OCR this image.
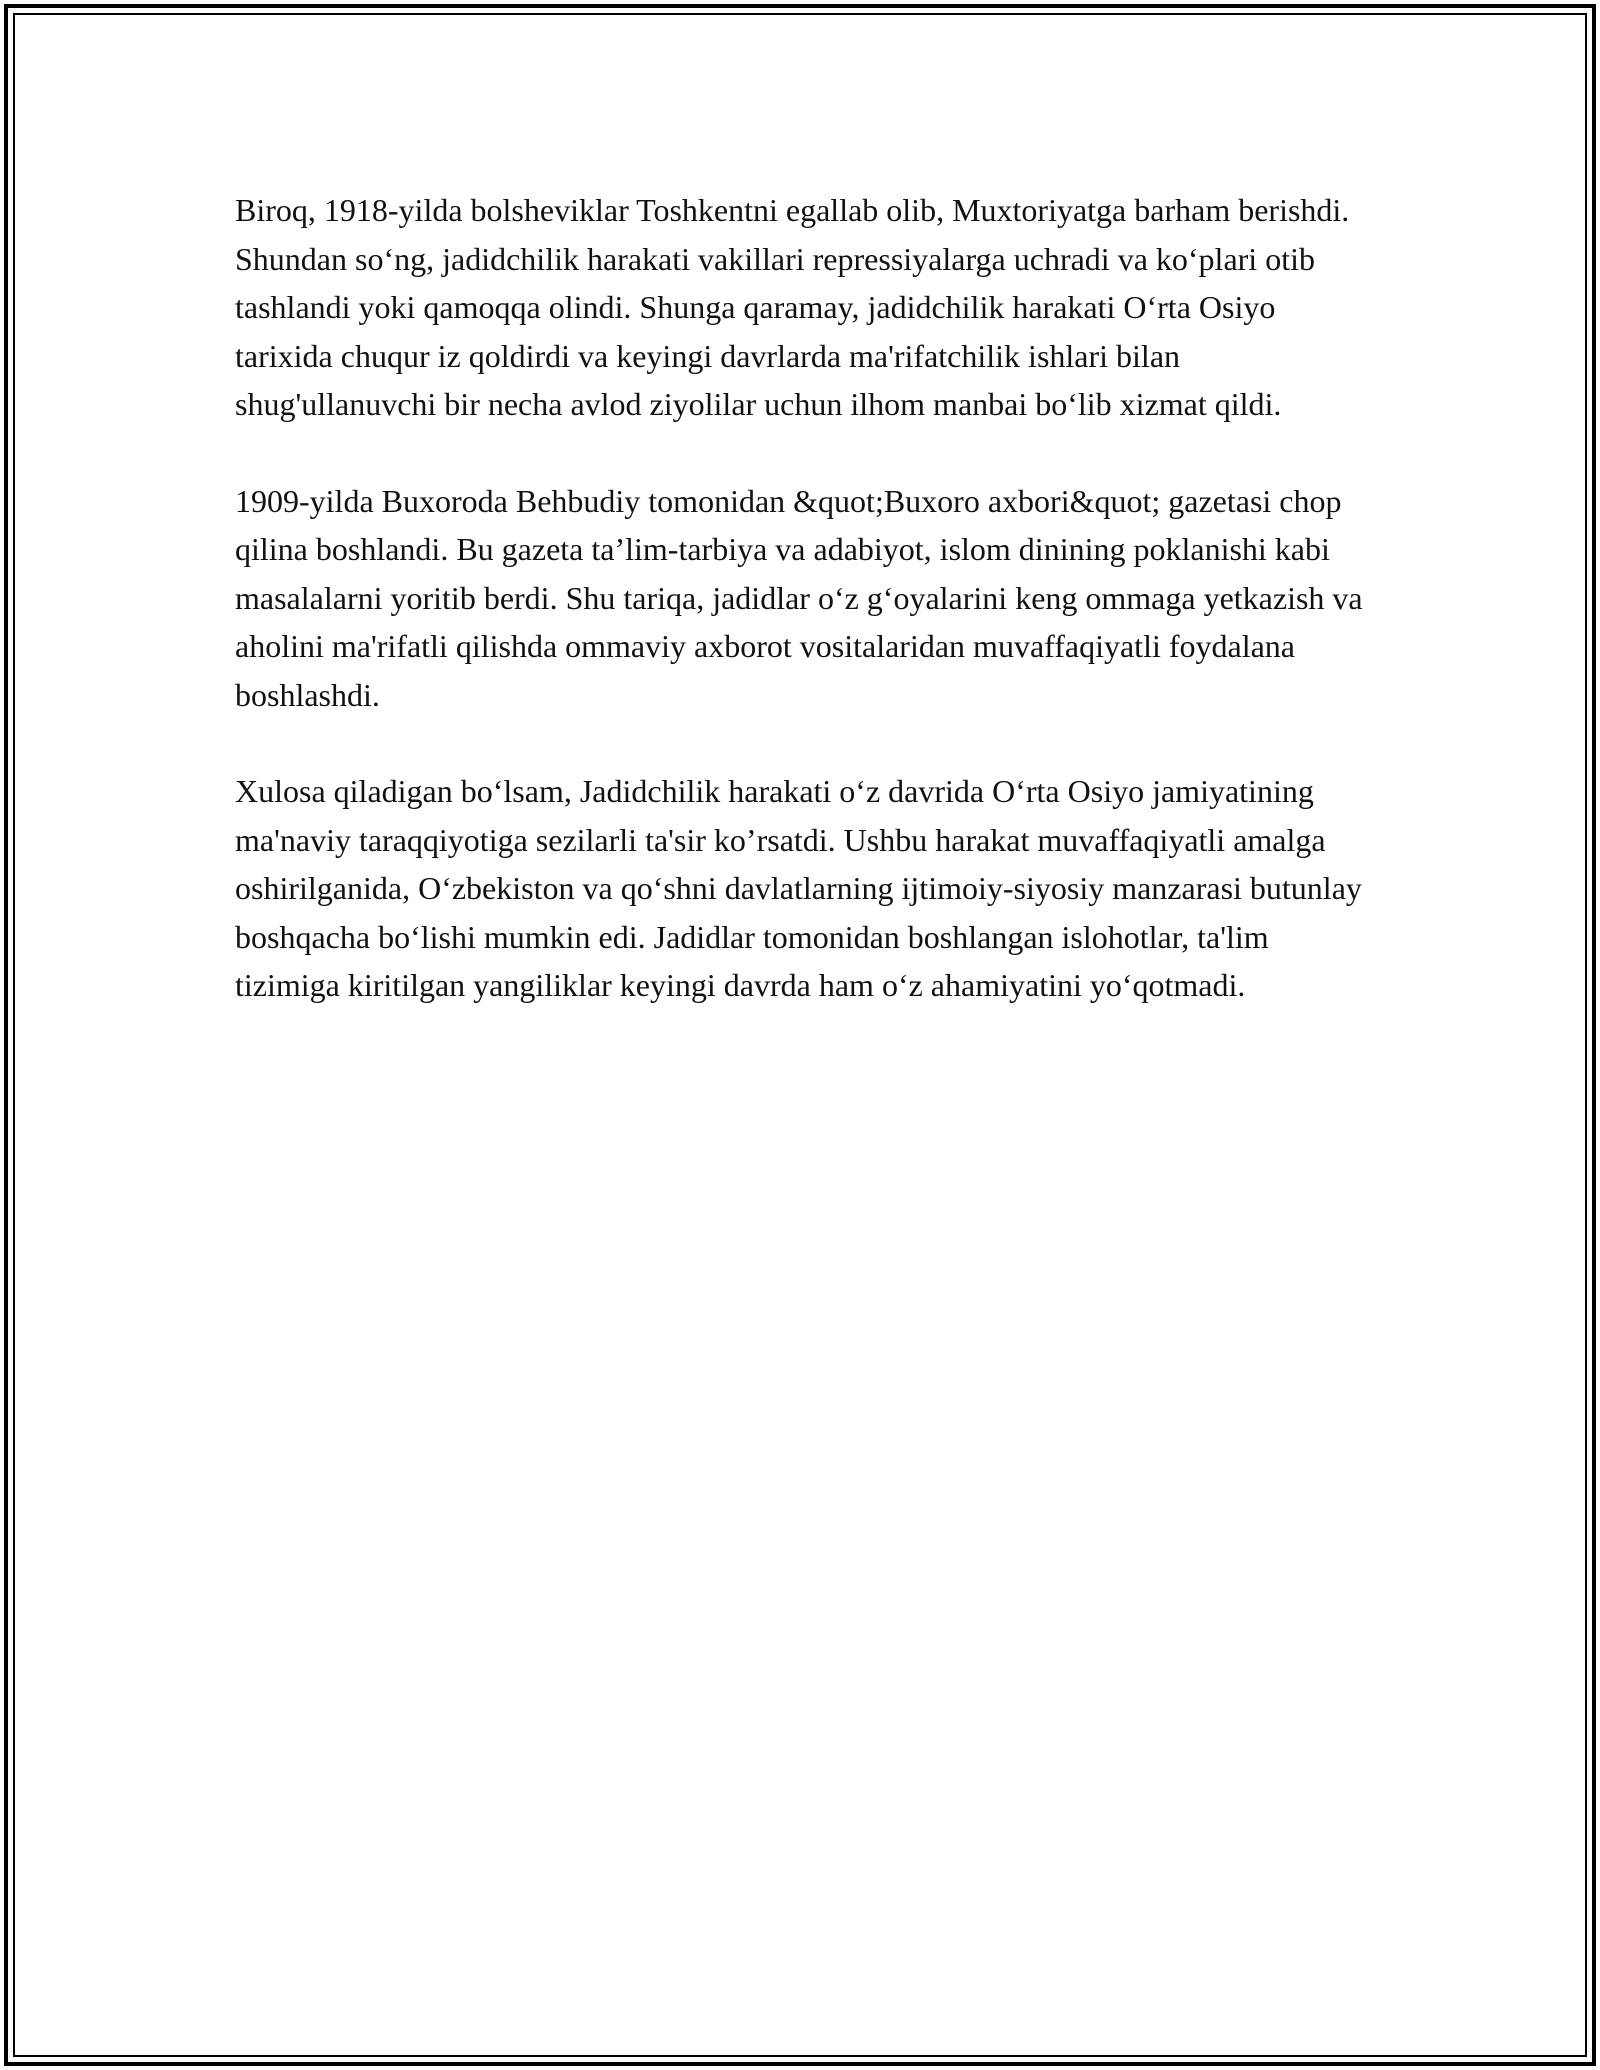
Biroq, 1918-yilda bolsheviklar Toshkentni egallab olib, Muxtoriyatga barham berishdi. Shundan so‘ng, jadidchilik harakati vakillari repressiyalarga uchradi va ko‘plari otib tashlandi yoki qamoqqa olindi. Shunga qaramay, jadidchilik harakati O‘rta Osiyo tarixida chuqur iz qoldirdi va keyingi davrlarda ma'rifatchilik ishlari bilan shug'ullanuvchi bir necha avlod ziyolilar uchun ilhom manbai bo‘lib xizmat qildi.

1909-yilda Buxoroda Behbudiy tomonidan &quot;Buxoro axbori&quot; gazetasi chop qilina boshlandi. Bu gazeta ta’lim-tarbiya va adabiyot, islom dinining poklanishi kabi masalalarni yoritib berdi. Shu tariqa, jadidlar o‘z g‘oyalarini keng ommaga yetkazish va aholini ma'rifatli qilishda ommaviy axborot vositalaridan muvaffaqiyatli foydalana boshlashdi.

Xulosa qiladigan bo‘lsam, Jadidchilik harakati o‘z davrida O‘rta Osiyo jamiyatining ma'naviy taraqqiyotiga sezilarli ta'sir ko’rsatdi. Ushbu harakat muvaffaqiyatli amalga oshirilganida, O‘zbekiston va qo‘shni davlatlarning ijtimoiy-siyosiy manzarasi butunlay boshqacha bo‘lishi mumkin edi. Jadidlar tomonidan boshlangan islohotlar, ta'lim tizimiga kiritilgan yangiliklar keyingi davrda ham o‘z ahamiyatini yo‘qotmadi.
